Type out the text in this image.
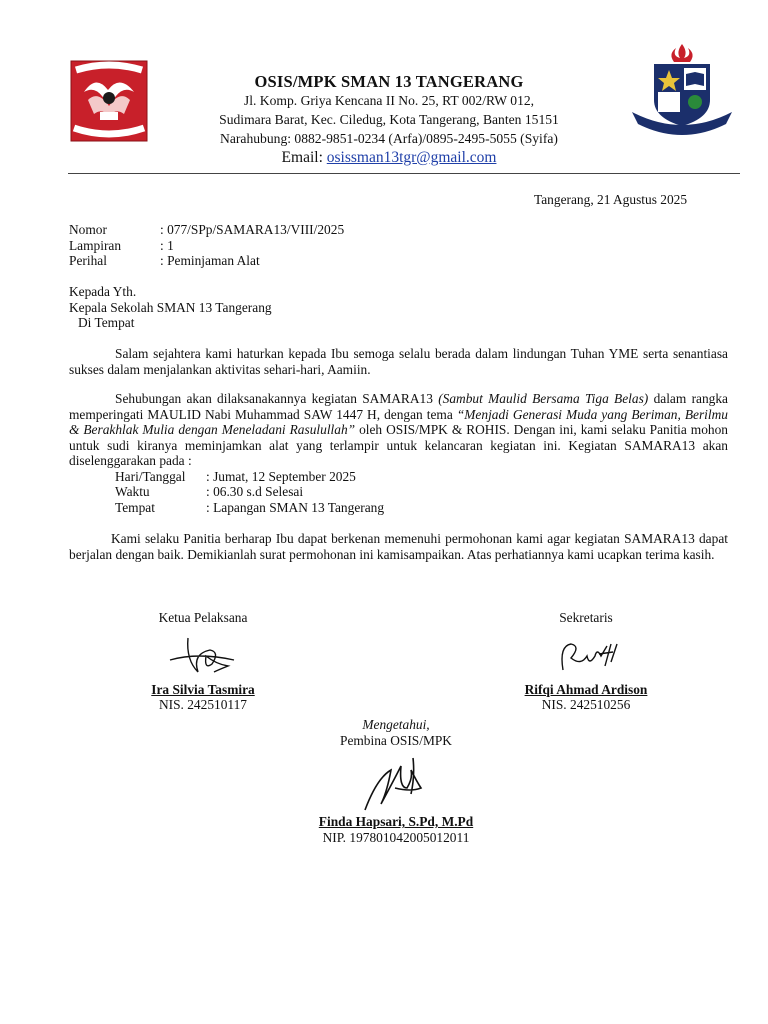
OSIS/MPK SMAN 13 TANGERANG
Jl. Komp. Griya Kencana II No. 25, RT 002/RW 012,
Sudimara Barat, Kec. Ciledug, Kota Tangerang, Banten 15151
Narahubung: 0882-9851-0234 (Arfa)/0895-2495-5055 (Syifa)
Email: osissman13tgr@gmail.com
Tangerang, 21 Agustus 2025
Nomor	: 077/SPp/SAMARA13/VIII/2025
Lampiran	: 1
Perihal	: Peminjaman Alat
Kepada Yth.
Kepala Sekolah SMAN 13 Tangerang
Di Tempat

Salam sejahtera kami haturkan kepada Ibu semoga selalu berada dalam lindungan Tuhan YME serta senantiasa sukses dalam menjalankan aktivitas sehari-hari, Aamiin.

Sehubungan akan dilaksanakannya kegiatan SAMARA13 (Sambut Maulid Bersama Tiga Belas) dalam rangka memperingati MAULID Nabi Muhammad SAW 1447 H, dengan tema “Menjadi Generasi Muda yang Beriman, Berilmu & Berakhlak Mulia dengan Meneladani Rasulullah” oleh OSIS/MPK & ROHIS. Dengan ini, kami selaku Panitia mohon untuk sudi kiranya meminjamkan alat yang terlampir untuk kelancaran kegiatan ini. Kegiatan SAMARA13 akan diselenggarakan pada :

Hari/Tanggal	: Jumat, 12 September 2025
Waktu	: 06.30 s.d Selesai
Tempat	: Lapangan SMAN 13 Tangerang

Kami selaku Panitia berharap Ibu dapat berkenan memenuhi permohonan kami agar kegiatan SAMARA13 dapat berjalan dengan baik. Demikianlah surat permohonan ini kamisampaikan. Atas perhatiannya kami ucapkan terima kasih.

Ketua Pelaksana
Ira Silvia Tasmira
NIS. 242510117
Sekretaris
Rifqi Ahmad Ardison
NIS. 242510256
Mengetahui,
Pembina OSIS/MPK
Finda Hapsari, S.Pd, M.Pd
NIP. 197801042005012011
